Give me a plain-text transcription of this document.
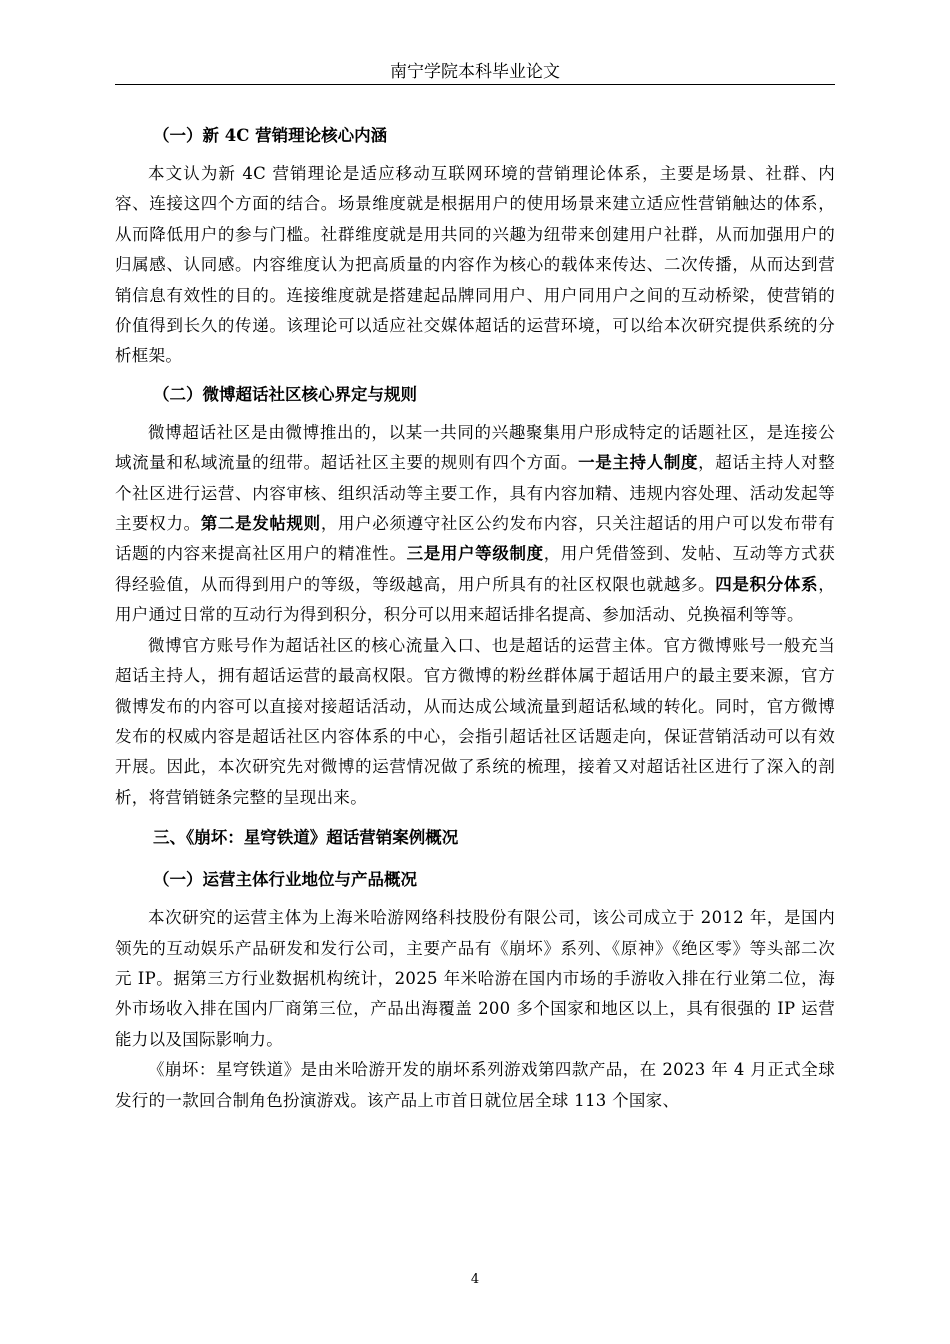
南宁学院本科毕业论文
（一）新 4C 营销理论核心内涵

本文认为新 4C 营销理论是适应移动互联网环境的营销理论体系，主要是场景、社群、内容、连接这四个方面的结合。场景维度就是根据用户的使用场景来建立适应性营销触达的体系，从而降低用户的参与门槛。社群维度就是用共同的兴趣为纽带来创建用户社群，从而加强用户的归属感、认同感。内容维度认为把高质量的内容作为核心的载体来传达、二次传播，从而达到营销信息有效性的目的。连接维度就是搭建起品牌同用户、用户同用户之间的互动桥梁，使营销的价值得到长久的传递。该理论可以适应社交媒体超话的运营环境，可以给本次研究提供系统的分析框架。

（二）微博超话社区核心界定与规则

微博超话社区是由微博推出的，以某一共同的兴趣聚集用户形成特定的话题社区，是连接公域流量和私域流量的纽带。超话社区主要的规则有四个方面。一是主持人制度，超话主持人对整个社区进行运营、内容审核、组织活动等主要工作，具有内容加精、违规内容处理、活动发起等主要权力。第二是发帖规则，用户必须遵守社区公约发布内容，只关注超话的用户可以发布带有话题的内容来提高社区用户的精准性。三是用户等级制度，用户凭借签到、发帖、互动等方式获得经验值，从而得到用户的等级，等级越高，用户所具有的社区权限也就越多。四是积分体系，用户通过日常的互动行为得到积分，积分可以用来超话排名提高、参加活动、兑换福利等等。

微博官方账号作为超话社区的核心流量入口、也是超话的运营主体。官方微博账号一般充当超话主持人，拥有超话运营的最高权限。官方微博的粉丝群体属于超话用户的最主要来源，官方微博发布的内容可以直接对接超话活动，从而达成公域流量到超话私域的转化。同时，官方微博发布的权威内容是超话社区内容体系的中心，会指引超话社区话题走向，保证营销活动可以有效开展。因此，本次研究先对微博的运营情况做了系统的梳理，接着又对超话社区进行了深入的剖析，将营销链条完整的呈现出来。

三、《崩坏：星穹铁道》超话营销案例概况
（一）运营主体行业地位与产品概况

本次研究的运营主体为上海米哈游网络科技股份有限公司，该公司成立于 2012 年，是国内领先的互动娱乐产品研发和发行公司，主要产品有《崩坏》系列、《原神》《绝区零》等头部二次元 IP。据第三方行业数据机构统计，2025 年米哈游在国内市场的手游收入排在行业第二位，海外市场收入排在国内厂商第三位，产品出海覆盖 200 多个国家和地区以上，具有很强的 IP 运营能力以及国际影响力。

《崩坏：星穹铁道》是由米哈游开发的崩坏系列游戏第四款产品，在 2023 年 4 月正式全球发行的一款回合制角色扮演游戏。该产品上市首日就位居全球 113 个国家、

4
